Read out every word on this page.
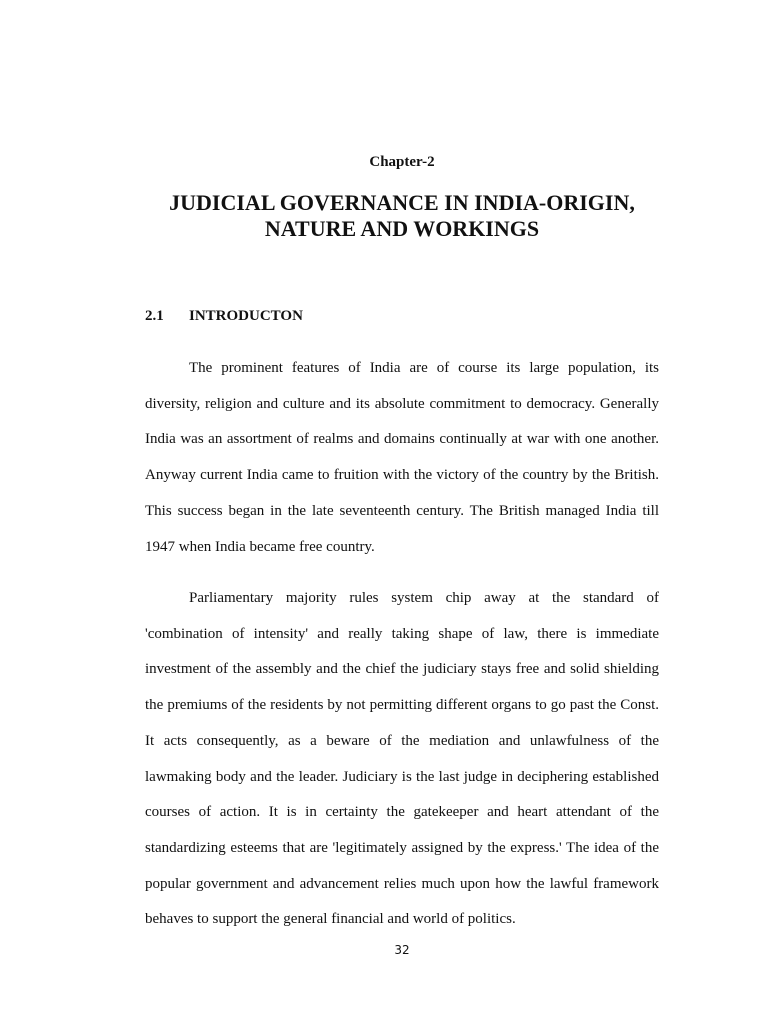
Chapter-2
JUDICIAL GOVERNANCE IN INDIA-ORIGIN,
NATURE AND WORKINGS
2.1 INTRODUCTON

The prominent features of India are of course its large population, its diversity, religion and culture and its absolute commitment to democracy. Generally India was an assortment of realms and domains continually at war with one another. Anyway current India came to fruition with the victory of the country by the British. This success began in the late seventeenth century. The British managed India till 1947 when India became free country.

Parliamentary majority rules system chip away at the standard of 'combination of intensity' and really taking shape of law, there is immediate investment of the assembly and the chief the judiciary stays free and solid shielding the premiums of the residents by not permitting different organs to go past the Const. It acts consequently, as a beware of the mediation and unlawfulness of the lawmaking body and the leader. Judiciary is the last judge in deciphering established courses of action. It is in certainty the gatekeeper and heart attendant of the standardizing esteems that are 'legitimately assigned by the express.' The idea of the popular government and advancement relies much upon how the lawful framework behaves to support the general financial and world of politics.

32
